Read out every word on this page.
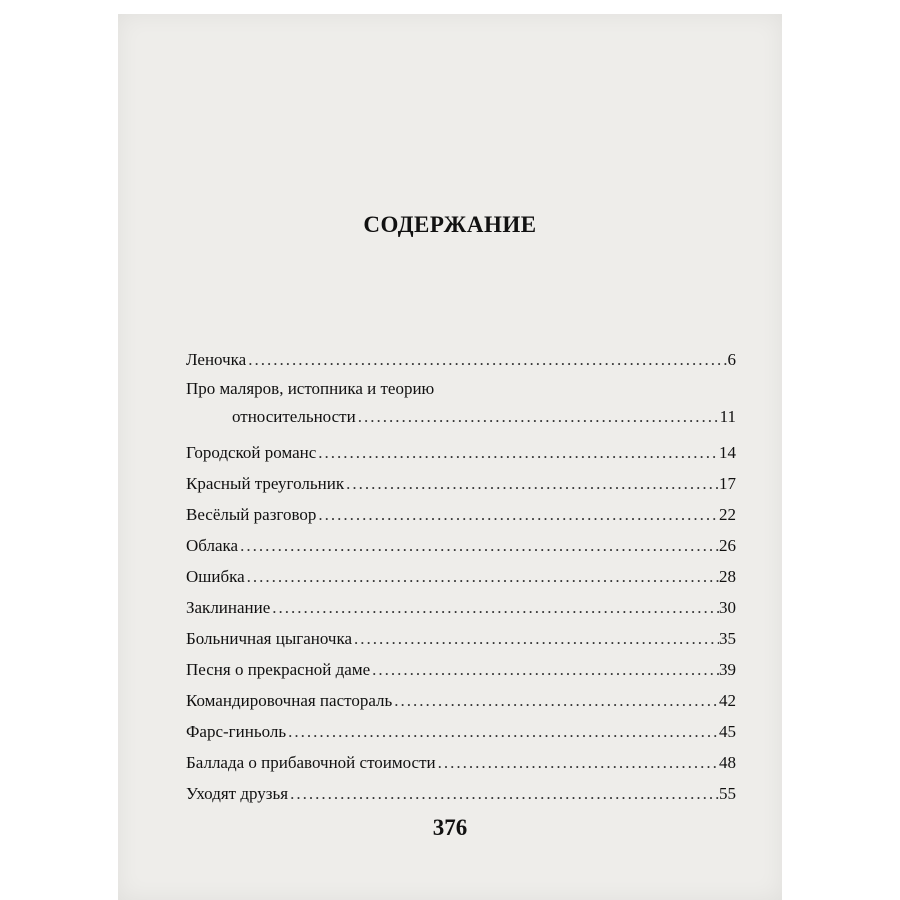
СОДЕРЖАНИЕ
Леночка .....	6
Про маляров, истопника и теорию
относительности .....	11
Городской романс .....	14
Красный треугольник .....	17
Весёлый разговор .....	22
Облака .....	26
Ошибка .....	28
Заклинание .....	30
Больничная цыганочка .....	35
Песня о прекрасной даме .....	39
Командировочная пастораль .....	42
Фарс-гиньоль .....	45
Баллада о прибавочной стоимости .....	48
Уходят друзья .....	55
376
